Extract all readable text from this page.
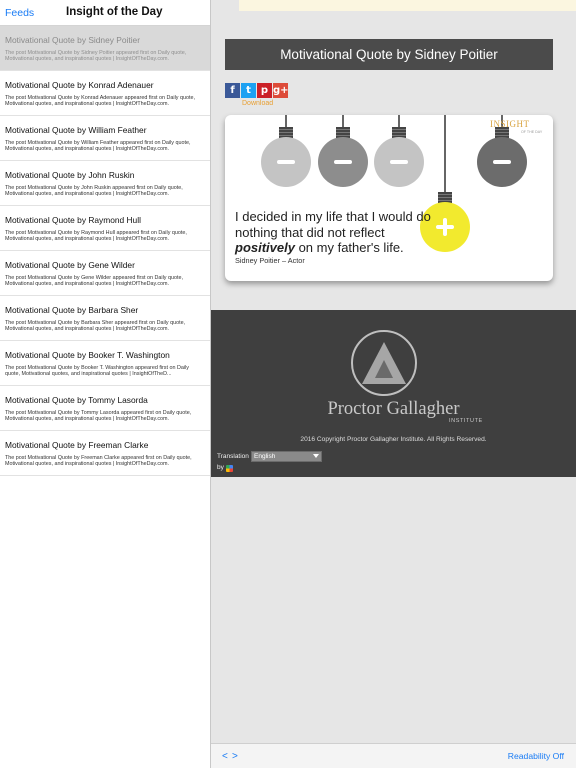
Feeds	Insight of the Day
Motivational Quote by Sidney Poitier
The post Motivational Quote by Sidney Poitier appeared first on Daily quote, Motivational quotes, and inspirational quotes | InsightOfTheDay.com.
Motivational Quote by Konrad Adenauer
The post Motivational Quote by Konrad Adenauer appeared first on Daily quote, Motivational quotes, and inspirational quotes | InsightOfTheDay.com.
Motivational Quote by William Feather
The post Motivational Quote by William Feather appeared first on Daily quote, Motivational quotes, and inspirational quotes | InsightOfTheDay.com.
Motivational Quote by John Ruskin
The post Motivational Quote by John Ruskin appeared first on Daily quote, Motivational quotes, and inspirational quotes | InsightOfTheDay.com.
Motivational Quote by Raymond Hull
The post Motivational Quote by Raymond Hull appeared first on Daily quote, Motivational quotes, and inspirational quotes | InsightOfTheDay.com.
Motivational Quote by Gene Wilder
The post Motivational Quote by Gene Wilder appeared first on Daily quote, Motivational quotes, and inspirational quotes | InsightOfTheDay.com.
Motivational Quote by Barbara Sher
The post Motivational Quote by Barbara Sher appeared first on Daily quote, Motivational quotes, and inspirational quotes | InsightOfTheDay.com.
Motivational Quote by Booker T. Washington
The post Motivational Quote by Booker T. Washington appeared first on Daily quote, Motivational quotes, and inspirational quotes | InsightOfTheD...
Motivational Quote by Tommy Lasorda
The post Motivational Quote by Tommy Lasorda appeared first on Daily quote, Motivational quotes, and inspirational quotes | InsightOfTheDay.com.
Motivational Quote by Freeman Clarke
The post Motivational Quote by Freeman Clarke appeared first on Daily quote, Motivational quotes, and inspirational quotes | InsightOfTheDay.com.
Motivational Quote by Sidney Poitier
f	t	p g+
Download
INSIGHT
OF THE DAY
I decided in my life that I would do nothing that did not reflect positively on my father's life.
Sidney Poitier – Actor
Proctor Gallagher
INSTITUTE
2016 Copyright Proctor Gallagher Institute. All Rights Reserved.
Translation English
by
< >	Readability Off
